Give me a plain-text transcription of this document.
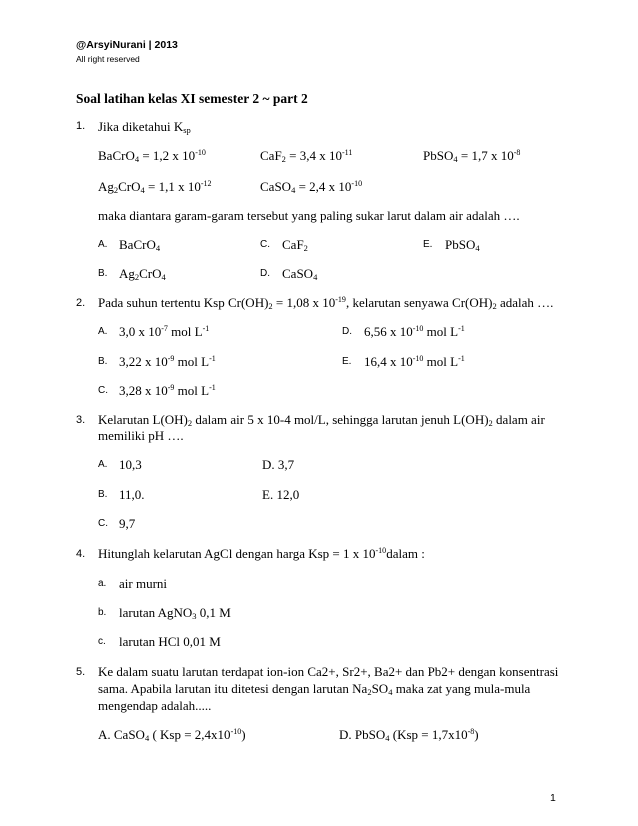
@ArsyiNurani | 2013
All right reserved
Soal latihan kelas XI semester 2 ~ part 2
1. Jika diketahui $K_{sp}$
BaCrO$_4$ = 1,2 x $10^{-10}$	CaF$_2$ = 3,4 x $10^{-11}$	PbSO$_4$ = 1,7 x $10^{-8}$
$Ag_2CrO_4 = 1,1$ x $10^{-12}$	CaSO$_4$ = 2,4 x $10^{-10}$
maka diantara garam-garam tersebut yang paling sukar larut dalam air adalah ….
A. BaCrO$_4$	C. CaF$_2$	E. PbSO$_4$
B. $Ag_2CrO_4$	D. CaSO$_4$
2. Pada suhun tertentu Ksp $Cr(OH)_2 = 1,08$ x $10^{-19}$, kelarutan senyawa $Cr(OH)_2$ adalah ….
A. 3,0 x $10^{-7}$ mol $L^{-1}$	D. 6,56 x $10^{-10}$ mol $L^{-1}$
B. 3,22 x $10^{-9}$ mol $L^{-1}$	E. 16,4 x $10^{-10}$ mol $L^{-1}$
C. 3,28 x $10^{-9}$ mol $L^{-1}$
3. Kelarutan $L(OH)_2$ dalam air 5 x 10-4 mol/L, sehingga larutan jenuh $L(OH)_2$ dalam air
memiliki pH ….
A. 10,3	D. 3,7
B. 11,0.	E. 12,0
C. 9,7
4. Hitunglah kelarutan AgCl dengan harga Ksp = 1 x $10^{-10}dalam$ :
a. air murni
b. larutan AgNO$_3$ 0,1 M
c. larutan HCl 0,01 M
5. Ke dalam suatu larutan terdapat ion-ion Ca2+, Sr2+, Ba2+ dan Pb2+ dengan konsentrasi
sama. Apabila larutan itu ditetesi dengan larutan $Na_2SO_4$ maka zat yang mula-mula
mengendap adalah.....
A. CaSO$_4$ ( Ksp = $2,4x10^{-10}$)	D. PbSO$_4$ $(Ksp = 1,7x10^{-8})$
1
